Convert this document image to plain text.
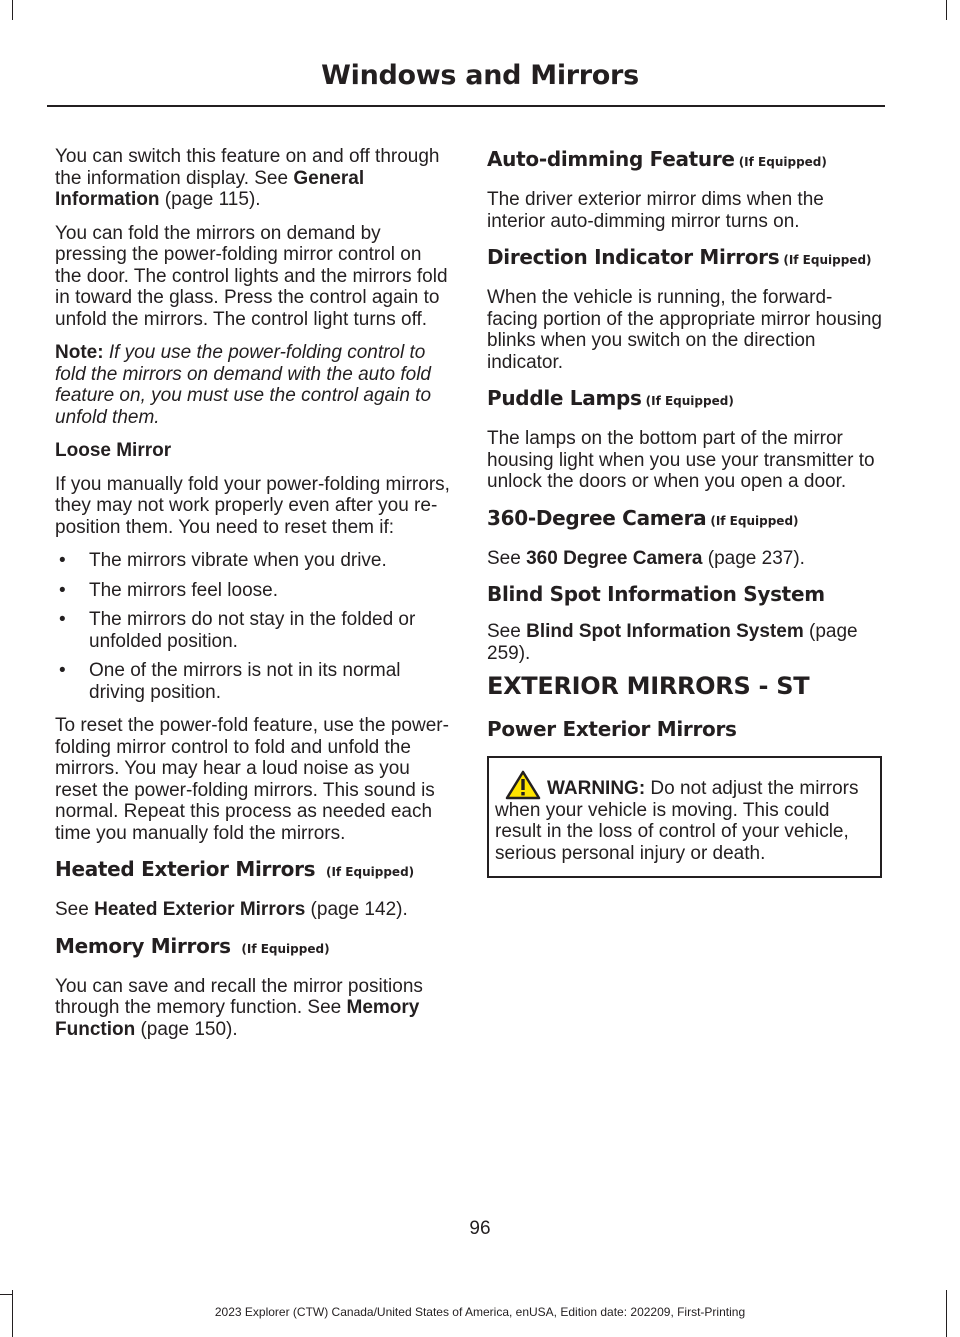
Windows and Mirrors

You can switch this feature on and off through the information display. See General Information (page 115).

You can fold the mirrors on demand by pressing the power-folding mirror control on the door. The control lights and the mirrors fold in toward the glass. Press the control again to unfold the mirrors. The control light turns off.

Note: If you use the power-folding control to fold the mirrors on demand with the auto fold feature on, you must use the control again to unfold them.

Loose Mirror

If you manually fold your power-folding mirrors, they may not work properly even after you re-position them. You need to reset them if:

• The mirrors vibrate when you drive.
• The mirrors feel loose.
• The mirrors do not stay in the folded or unfolded position.
• One of the mirrors is not in its normal driving position.

To reset the power-fold feature, use the power-folding mirror control to fold and unfold the mirrors. You may hear a loud noise as you reset the power-folding mirrors. This sound is normal. Repeat this process as needed each time you manually fold the mirrors.

Heated Exterior Mirrors (If Equipped)

See Heated Exterior Mirrors (page 142).

Memory Mirrors (If Equipped)

You can save and recall the mirror positions through the memory function. See Memory Function (page 150).

Auto-dimming Feature (If Equipped)

The driver exterior mirror dims when the interior auto-dimming mirror turns on.

Direction Indicator Mirrors (If Equipped)

When the vehicle is running, the forward-facing portion of the appropriate mirror housing blinks when you switch on the direction indicator.

Puddle Lamps (If Equipped)

The lamps on the bottom part of the mirror housing light when you use your transmitter to unlock the doors or when you open a door.

360-Degree Camera (If Equipped)

See 360 Degree Camera (page 237).

Blind Spot Information System

See Blind Spot Information System (page 259).

EXTERIOR MIRRORS - ST
Power Exterior Mirrors
WARNING: Do not adjust the mirrors when your vehicle is moving. This could result in the loss of control of your vehicle, serious personal injury or death.
96
2023 Explorer (CTW) Canada/United States of America, enUSA, Edition date: 202209, First-Printing
